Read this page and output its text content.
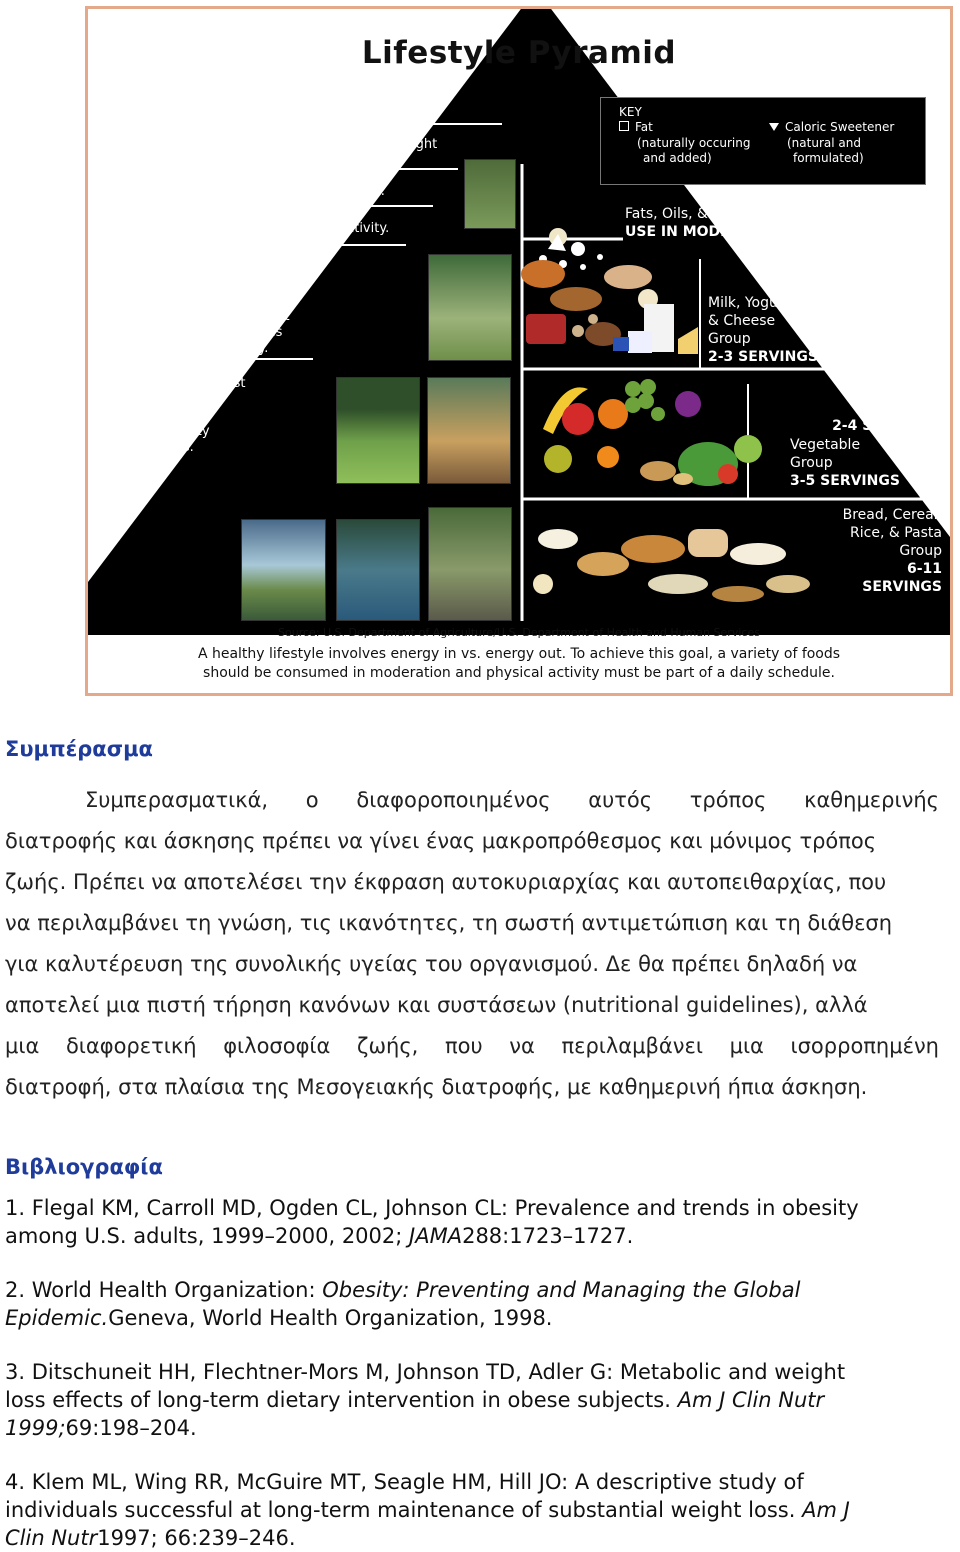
Lifestyle Pyramid
Physical activity is essential for maintaining weight
and a useful component of weight control.
Vigorous activity provides greater benefits.
During leisure time, limit sedentary activity.
For health benefits, be physically
active for 30 minutes a day.
To prevent unhealthy weight
gain, engage in 60 minutes
of physical activity a day.
Children need at least
60 minutes of
moderate to
vigorous activity
on most days.
KEY
Fat
(naturally occuring
and added)
Caloric Sweetener
(natural and
formulated)
Fats, Oils, & Sweets
USE IN MODERATION
Meat, Poultry, Fish,
Dry Beans, Eggs,
& Nuts Group
2-3 SERVINGS
Milk, Yogurt,
& Cheese
Group
2-3 SERVINGS
Fruit
Group
2-4 SERVINGS
Vegetable
Group
3-5 SERVINGS
Bread, Cereal,
Rice, & Pasta
Group
6-11
SERVINGS
Source: U.S. Department of Agriculture/U.S. Department of Health and Human Services
A healthy lifestyle involves energy in vs. energy out. To achieve this goal, a variety of foods
should be consumed in moderation and physical activity must be part of a daily schedule.
Συμπέρασμα
Συμπερασματικά, ο διαφοροποιημένος αυτός τρόπος καθημερινής
διατροφής και άσκησης πρέπει να γίνει ένας μακροπρόθεσμος και μόνιμος τρόπος
ζωής. Πρέπει να αποτελέσει την έκφραση αυτοκυριαρχίας και αυτοπειθαρχίας, που
να περιλαμβάνει τη γνώση, τις ικανότητες, τη σωστή αντιμετώπιση και τη διάθεση
για καλυτέρευση της συνολικής υγείας του οργανισμού. Δε θα πρέπει δηλαδή να
αποτελεί μια πιστή τήρηση κανόνων και συστάσεων (nutritional guidelines), αλλά
μια διαφορετική φιλοσοφία ζωής, που να περιλαμβάνει μια ισορροπημένη
διατροφή, στα πλαίσια της Μεσογειακής διατροφής, με καθημερινή ήπια άσκηση.
Βιβλιογραφία
1. Flegal KM, Carroll MD, Ogden CL, Johnson CL: Prevalence and trends in obesity
among U.S. adults, 1999–2000, 2002;
JAMA 288:1723–1727.
2. World Health Organization:
Obesity: Preventing and Managing the Global
Epidemic. Geneva, World Health Organization, 1998.
3. Ditschuneit HH, Flechtner-Mors M, Johnson TD, Adler G: Metabolic and weight
loss effects of long-term dietary intervention in obese subjects.
Am J Clin Nutr
1999; 69:198–204.
4. Klem ML, Wing RR, McGuire MT, Seagle HM, Hill JO: A descriptive study of
individuals successful at long-term maintenance of substantial weight loss.
Am J
Clin Nutr 1997; 66:239–246.
